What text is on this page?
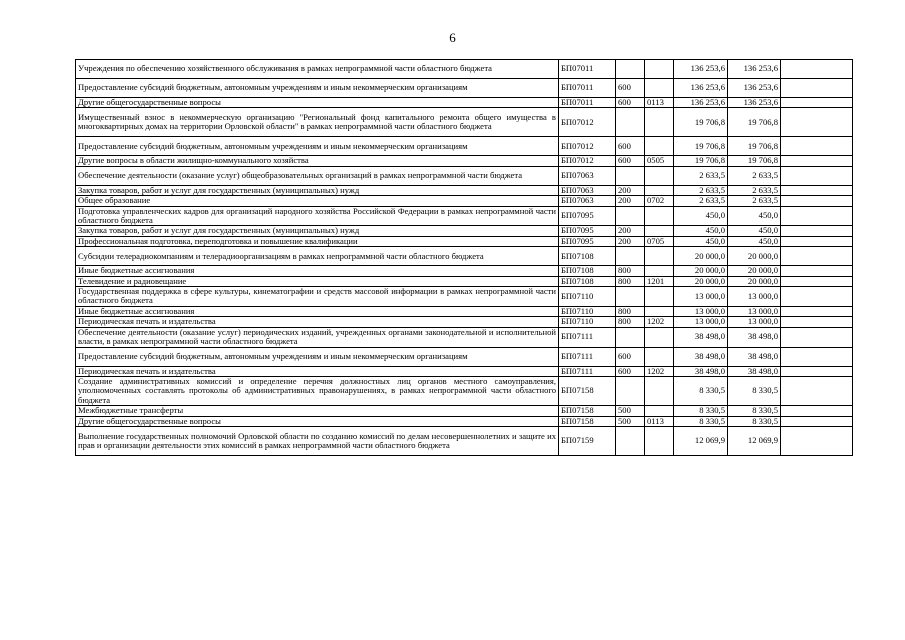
6
Учреждения по обеспечению хозяйственного обслуживания в рамках непрограммной части областного бюджета	БП07011			136 253,6	136 253,6	
Предоставление субсидий бюджетным, автономным учреждениям и иным некоммерческим организациям	БП07011	600		136 253,6	136 253,6	
Другие общегосударственные вопросы	БП07011	600	0113	136 253,6	136 253,6	
Имущественный взнос в некоммерческую организацию "Региональный фонд капитального ремонта общего имущества в многоквартирных домах на территории Орловской области" в рамках непрограммной части областного бюджета	БП07012			19 706,8	19 706,8	
Предоставление субсидий бюджетным, автономным учреждениям и иным некоммерческим организациям	БП07012	600		19 706,8	19 706,8	
Другие вопросы в области жилищно-коммунального хозяйства	БП07012	600	0505	19 706,8	19 706,8	
Обеспечение деятельности (оказание услуг) общеобразовательных организаций в рамках непрограммной части бюджета	БП07063			2 633,5	2 633,5	
Закупка товаров, работ и услуг для государственных (муниципальных) нужд	БП07063	200		2 633,5	2 633,5	
Общее образование	БП07063	200	0702	2 633,5	2 633,5	
Подготовка управленческих кадров для организаций народного хозяйства Российской Федерации в рамках непрограммной части областного бюджета	БП07095			450,0	450,0	
Закупка товаров, работ и услуг для государственных (муниципальных) нужд	БП07095	200		450,0	450,0	
Профессиональная подготовка, переподготовка и повышение квалификации	БП07095	200	0705	450,0	450,0	
Субсидии телерадиокомпаниям и телерадиоорганизациям в рамках непрограммной части областного бюджета	БП07108			20 000,0	20 000,0	
Иные бюджетные ассигнования	БП07108	800		20 000,0	20 000,0	
Телевидение и радиовещание	БП07108	800	1201	20 000,0	20 000,0	
Государственная поддержка в сфере культуры, кинематографии и средств массовой информации в рамках непрограммной части областного бюджета	БП07110			13 000,0	13 000,0	
Иные бюджетные ассигнования	БП07110	800		13 000,0	13 000,0	
Периодическая печать и издательства	БП07110	800	1202	13 000,0	13 000,0	
Обеспечение деятельности (оказание услуг) периодических изданий, учрежденных органами законодательной и исполнительной власти, в рамках непрограммной части областного бюджета	БП07111			38 498,0	38 498,0	
Предоставление субсидий бюджетным, автономным учреждениям и иным некоммерческим организациям	БП07111	600		38 498,0	38 498,0	
Периодическая печать и издательства	БП07111	600	1202	38 498,0	38 498,0	
Создание административных комиссий и определение перечня должностных лиц органов местного самоуправления, уполномоченных составлять протоколы об административных правонарушениях, в рамках непрограммной части областного бюджета	БП07158			8 330,5	8 330,5	
Межбюджетные трансферты	БП07158	500		8 330,5	8 330,5	
Другие общегосударственные вопросы	БП07158	500	0113	8 330,5	8 330,5	
Выполнение государственных полномочий Орловской области по созданию комиссий по делам несовершеннолетних и защите их прав и организации деятельности этих комиссий в рамках непрограммной части областного бюджета	БП07159			12 069,9	12 069,9	
